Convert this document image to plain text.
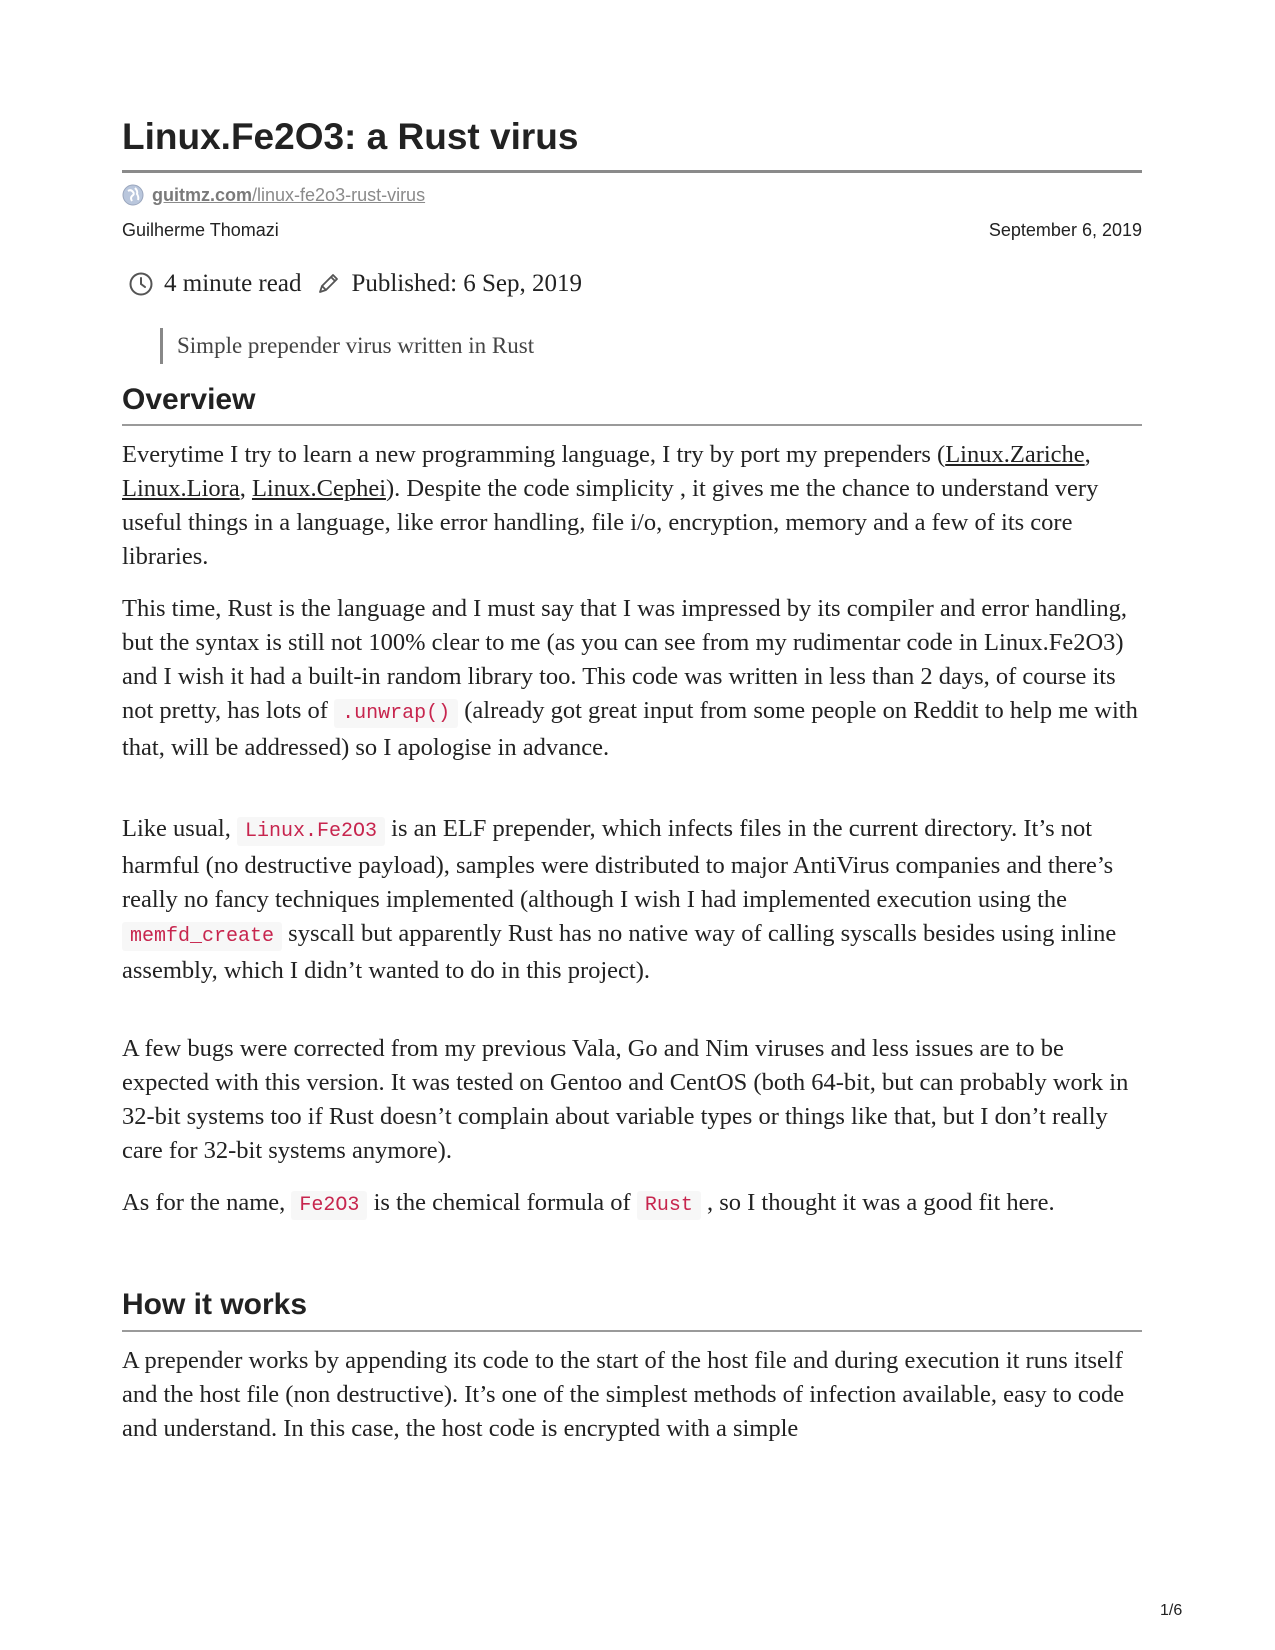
Linux.Fe2O3: a Rust virus
guitmz.com/linux-fe2o3-rust-virus
Guilherme Thomazi	September 6, 2019
4 minute read Published: 6 Sep, 2019
Simple prepender virus written in Rust
Overview

Everytime I try to learn a new programming language, I try by port my prependers (Linux.Zariche, Linux.Liora, Linux.Cephei). Despite the code simplicity , it gives me the chance to understand very useful things in a language, like error handling, file i/o, encryption, memory and a few of its core libraries.

This time, Rust is the language and I must say that I was impressed by its compiler and error handling, but the syntax is still not 100% clear to me (as you can see from my rudimentar code in Linux.Fe2O3) and I wish it had a built-in random library too. This code was written in less than 2 days, of course its not pretty, has lots of .unwrap() (already got great input from some people on Reddit to help me with that, will be addressed) so I apologise in advance.

Like usual, Linux.Fe2O3 is an ELF prepender, which infects files in the current directory. It’s not harmful (no destructive payload), samples were distributed to major AntiVirus companies and there’s really no fancy techniques implemented (although I wish I had implemented execution using the memfd_create syscall but apparently Rust has no native way of calling syscalls besides using inline assembly, which I didn’t wanted to do in this project).

A few bugs were corrected from my previous Vala, Go and Nim viruses and less issues are to be expected with this version. It was tested on Gentoo and CentOS (both 64-bit, but can probably work in 32-bit systems too if Rust doesn’t complain about variable types or things like that, but I don’t really care for 32-bit systems anymore).

As for the name, Fe2O3 is the chemical formula of Rust , so I thought it was a good fit here.

How it works

A prepender works by appending its code to the start of the host file and during execution it runs itself and the host file (non destructive). It’s one of the simplest methods of infection available, easy to code and understand. In this case, the host code is encrypted with a simple

1/6
